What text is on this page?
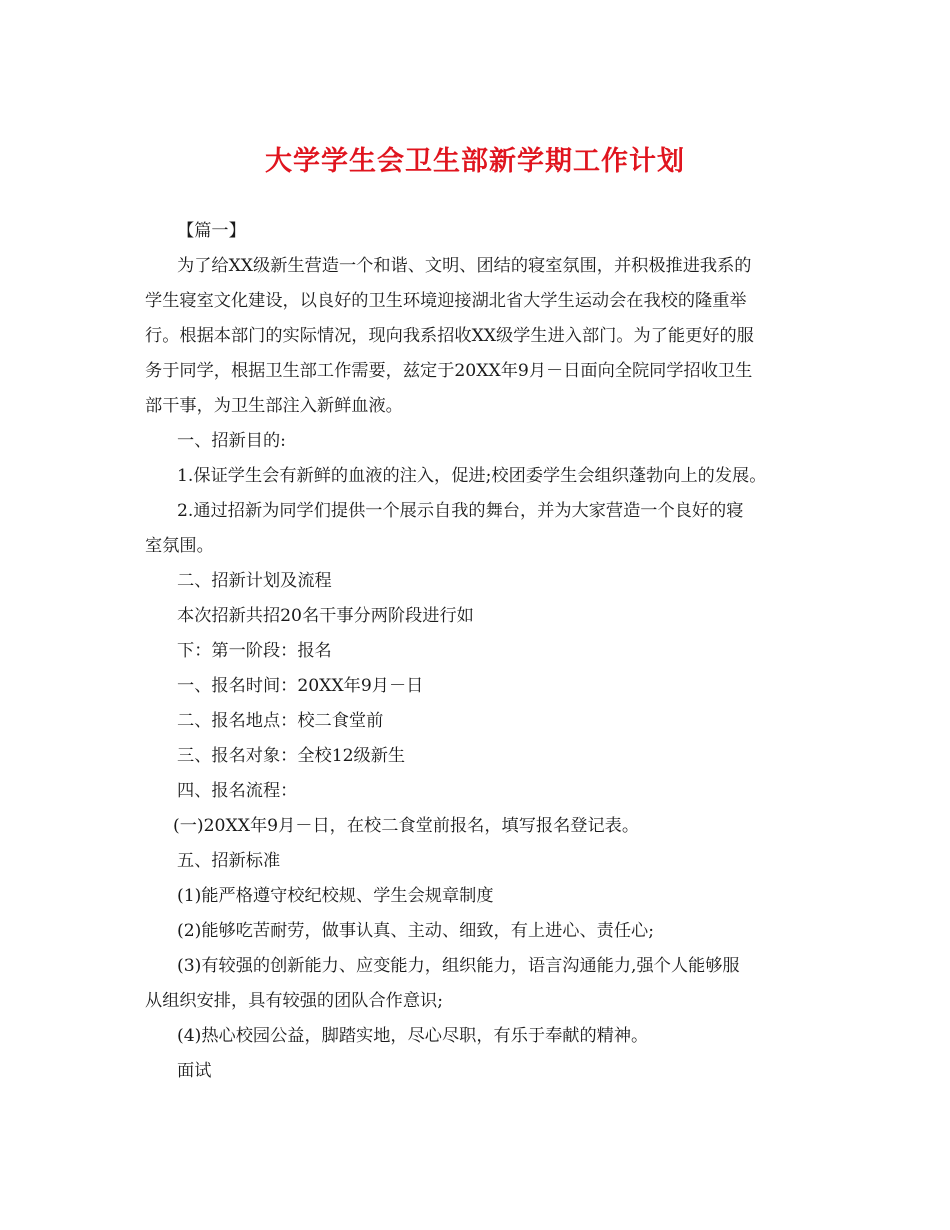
大学学生会卫生部新学期工作计划

【篇一】

为了给XX级新生营造一个和谐、文明、团结的寝室氛围，并积极推进我系的

学生寝室文化建设，以良好的卫生环境迎接湖北省大学生运动会在我校的隆重举

行。根据本部门的实际情况，现向我系招收XX级学生进入部门。为了能更好的服

务于同学，根据卫生部工作需要，兹定于20XX年9月－日面向全院同学招收卫生

部干事，为卫生部注入新鲜血液。

一、招新目的:

1.保证学生会有新鲜的血液的注入，促进;校团委学生会组织蓬勃向上的发展。

2.通过招新为同学们提供一个展示自我的舞台，并为大家营造一个良好的寝

室氛围。

二、招新计划及流程

本次招新共招20名干事分两阶段进行如

下：第一阶段：报名

一、报名时间：20XX年9月－日

二、报名地点：校二食堂前

三、报名对象：全校12级新生

四、报名流程：

(一)20XX年9月－日，在校二食堂前报名，填写报名登记表。

五、招新标准

(1)能严格遵守校纪校规、学生会规章制度

(2)能够吃苦耐劳，做事认真、主动、细致，有上进心、责任心;

(3)有较强的创新能力、应变能力，组织能力，语言沟通能力,强个人能够服

从组织安排，具有较强的团队合作意识;

(4)热心校园公益，脚踏实地，尽心尽职，有乐于奉献的精神。

面试
